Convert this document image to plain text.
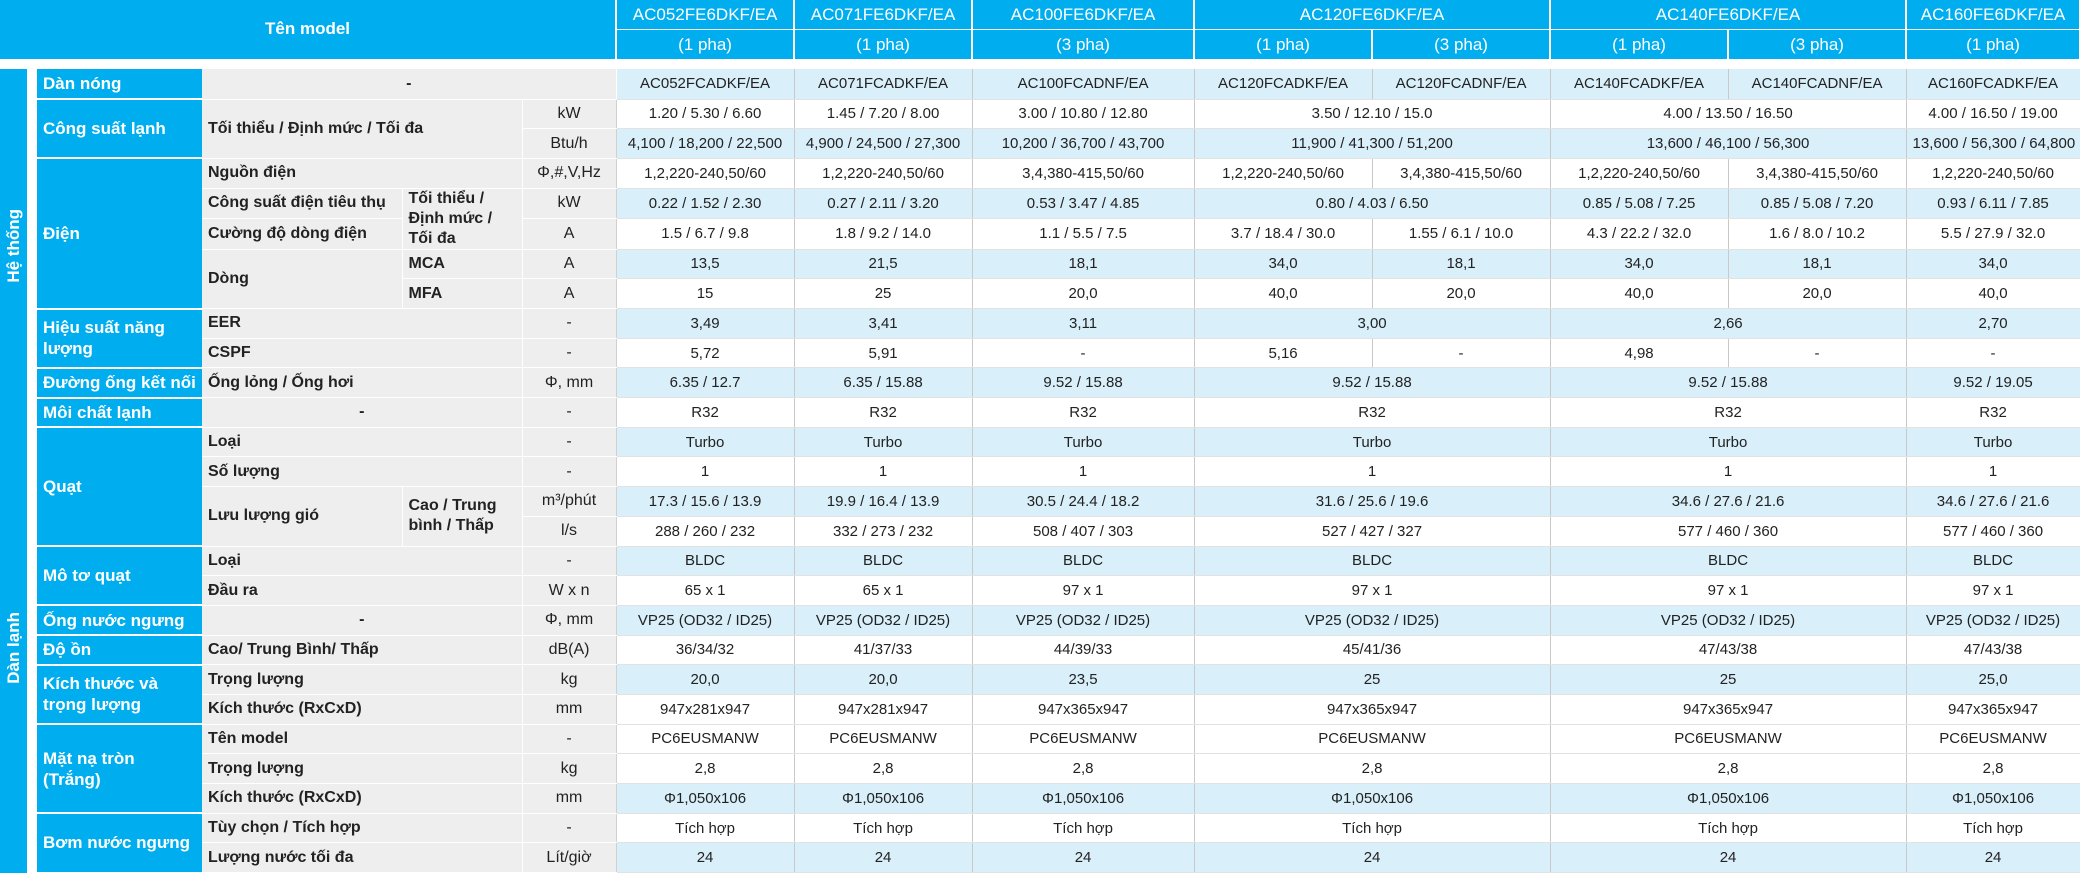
Tên model					AC052FE6DKF/EA	AC071FE6DKF/EA	AC100FE6DKF/EA	AC120FE6DKF/EA		AC140FE6DKF/EA		AC160FE6DKF/EA
					(1 pha)	(1 pha)	(3 pha)	(1 pha)	(3 pha)	(1 pha)	(3 pha)	(1 pha)

Hệ thống	Dàn nóng	-			AC052FCADKF/EA	AC071FCADKF/EA	AC100FCADNF/EA	AC120FCADKF/EA	AC120FCADNF/EA	AC140FCADKF/EA	AC140FCADNF/EA	AC160FCADKF/EA
	Công suất lạnh	Tối thiểu / Định mức / Tối đa		kW	1.20 / 5.30 / 6.60	1.45 / 7.20 / 8.00	3.00 / 10.80 / 12.80	3.50 / 12.10 / 15.0		4.00 / 13.50 / 16.50		4.00 / 16.50 / 19.00
				Btu/h	4,100 / 18,200 / 22,500	4,900 / 24,500 / 27,300	10,200 / 36,700 / 43,700	11,900 / 41,300 / 51,200		13,600 / 46,100 / 56,300		13,600 / 56,300 / 64,800
	Điện	Nguồn điện		Φ,#,V,Hz	1,2,220-240,50/60	1,2,220-240,50/60	3,4,380-415,50/60	1,2,220-240,50/60	3,4,380-415,50/60	1,2,220-240,50/60	3,4,380-415,50/60	1,2,220-240,50/60
		Công suất điện tiêu thụ	Tối thiểu / Định mức / Tối đa	kW	0.22 / 1.52 / 2.30	0.27 / 2.11 / 3.20	0.53 / 3.47 / 4.85	0.80 / 4.03 / 6.50		0.85 / 5.08 / 7.25	0.85 / 5.08 / 7.20	0.93 / 6.11 / 7.85
		Cường độ dòng điện		A	1.5 / 6.7 / 9.8	1.8 / 9.2 / 14.0	1.1 / 5.5 / 7.5	3.7 / 18.4 / 30.0	1.55 / 6.1 / 10.0	4.3 / 22.2 / 32.0	1.6 / 8.0 / 10.2	5.5 / 27.9 / 32.0
		Dòng	MCA	A	13,5	21,5	18,1	34,0	18,1	34,0	18,1	34,0
			MFA	A	15	25	20,0	40,0	20,0	40,0	20,0	40,0
	Hiệu suất năng lượng	EER		-	3,49	3,41	3,11	3,00		2,66		2,70
		CSPF		-	5,72	5,91	-	5,16	-	4,98	-	-
	Đường ống kết nối	Ống lỏng / Ống hơi		Φ, mm	6.35 / 12.7	6.35 / 15.88	9.52 / 15.88	9.52 / 15.88		9.52 / 15.88		9.52 / 19.05
	Môi chất lạnh	-		-	R32	R32	R32	R32		R32		R32
Dàn lạnh	Quạt	Loại		-	Turbo	Turbo	Turbo	Turbo		Turbo		Turbo
		Số lượng		-	1	1	1	1		1		1
		Lưu lượng gió	Cao / Trung bình / Thấp	m³/phút	17.3 / 15.6 / 13.9	19.9 / 16.4 / 13.9	30.5 / 24.4 / 18.2	31.6 / 25.6 / 19.6		34.6 / 27.6 / 21.6		34.6 / 27.6 / 21.6
				l/s	288 / 260 / 232	332 / 273 / 232	508 / 407 / 303	527 / 427 / 327		577 / 460 / 360		577 / 460 / 360
	Mô tơ quạt	Loại		-	BLDC	BLDC	BLDC	BLDC		BLDC		BLDC
		Đầu ra		W x n	65 x 1	65 x 1	97 x 1	97 x 1		97 x 1		97 x 1
	Ống nước ngưng	-		Φ, mm	VP25 (OD32 / ID25)	VP25 (OD32 / ID25)	VP25 (OD32 / ID25)	VP25 (OD32 / ID25)		VP25 (OD32 / ID25)		VP25 (OD32 / ID25)
	Độ ồn	Cao/ Trung Bình/ Thấp		dB(A)	36/34/32	41/37/33	44/39/33	45/41/36		47/43/38		47/43/38
	Kích thước và trọng lượng	Trọng lượng		kg	20,0	20,0	23,5	25		25		25,0
		Kích thước (RxCxD)		mm	947x281x947	947x281x947	947x365x947	947x365x947		947x365x947		947x365x947
	Mặt nạ tròn (Trắng)	Tên model		-	PC6EUSMANW	PC6EUSMANW	PC6EUSMANW	PC6EUSMANW		PC6EUSMANW		PC6EUSMANW
		Trọng lượng		kg	2,8	2,8	2,8	2,8		2,8		2,8
		Kích thước (RxCxD)		mm	Φ1,050x106	Φ1,050x106	Φ1,050x106	Φ1,050x106		Φ1,050x106		Φ1,050x106
	Bơm nước ngưng	Tùy chọn / Tích hợp		-	Tích hợp	Tích hợp	Tích hợp	Tích hợp		Tích hợp		Tích hợp
		Lượng nước tối đa		Lít/giờ	24	24	24	24		24		24
